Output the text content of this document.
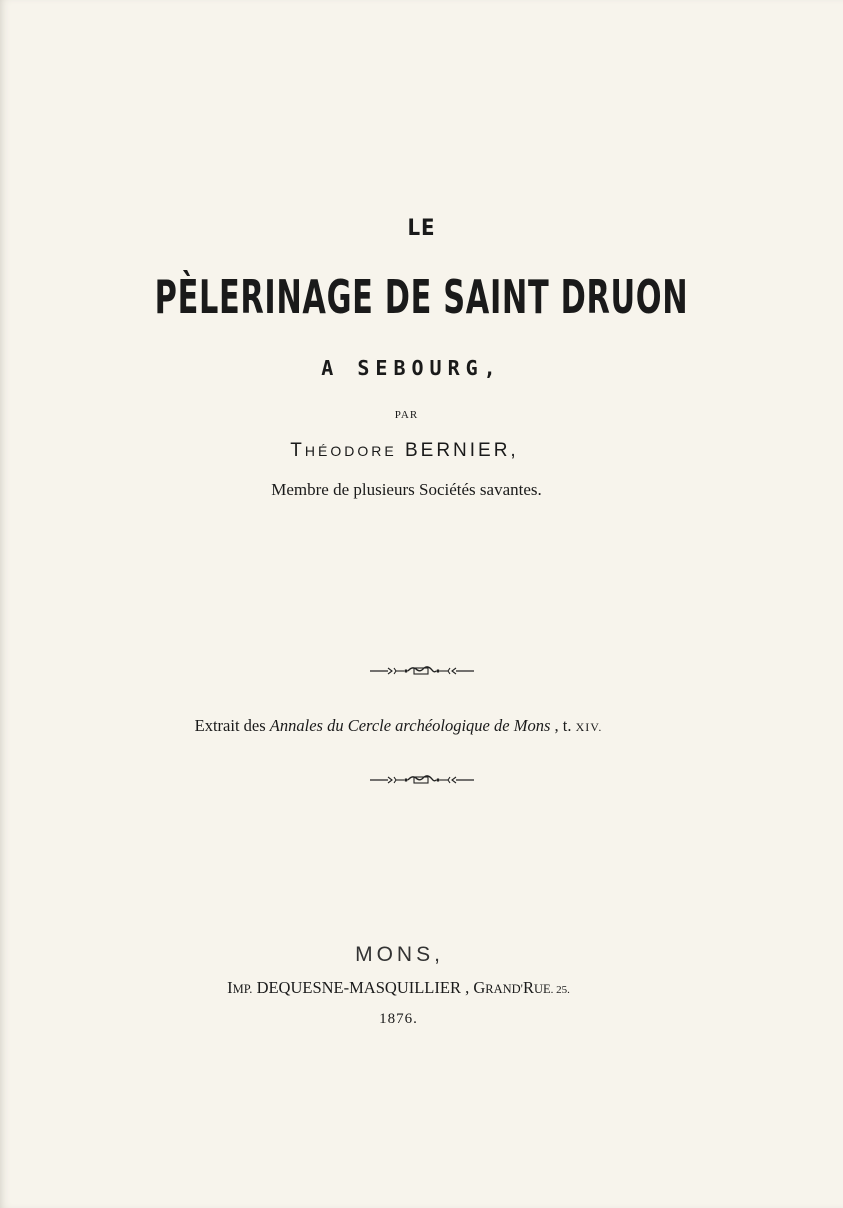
LE
PÈLERINAGE DE SAINT DRUON
A SEBOURG,
PAR
THÉODORE BERNIER,
Membre de plusieurs Sociétés savantes.
Extrait des Annales du Cercle archéologique de Mons , t. XIV.
MONS,
IMP. DEQUESNE-MASQUILLIER , GRAND'RUE. 25.
1876.
